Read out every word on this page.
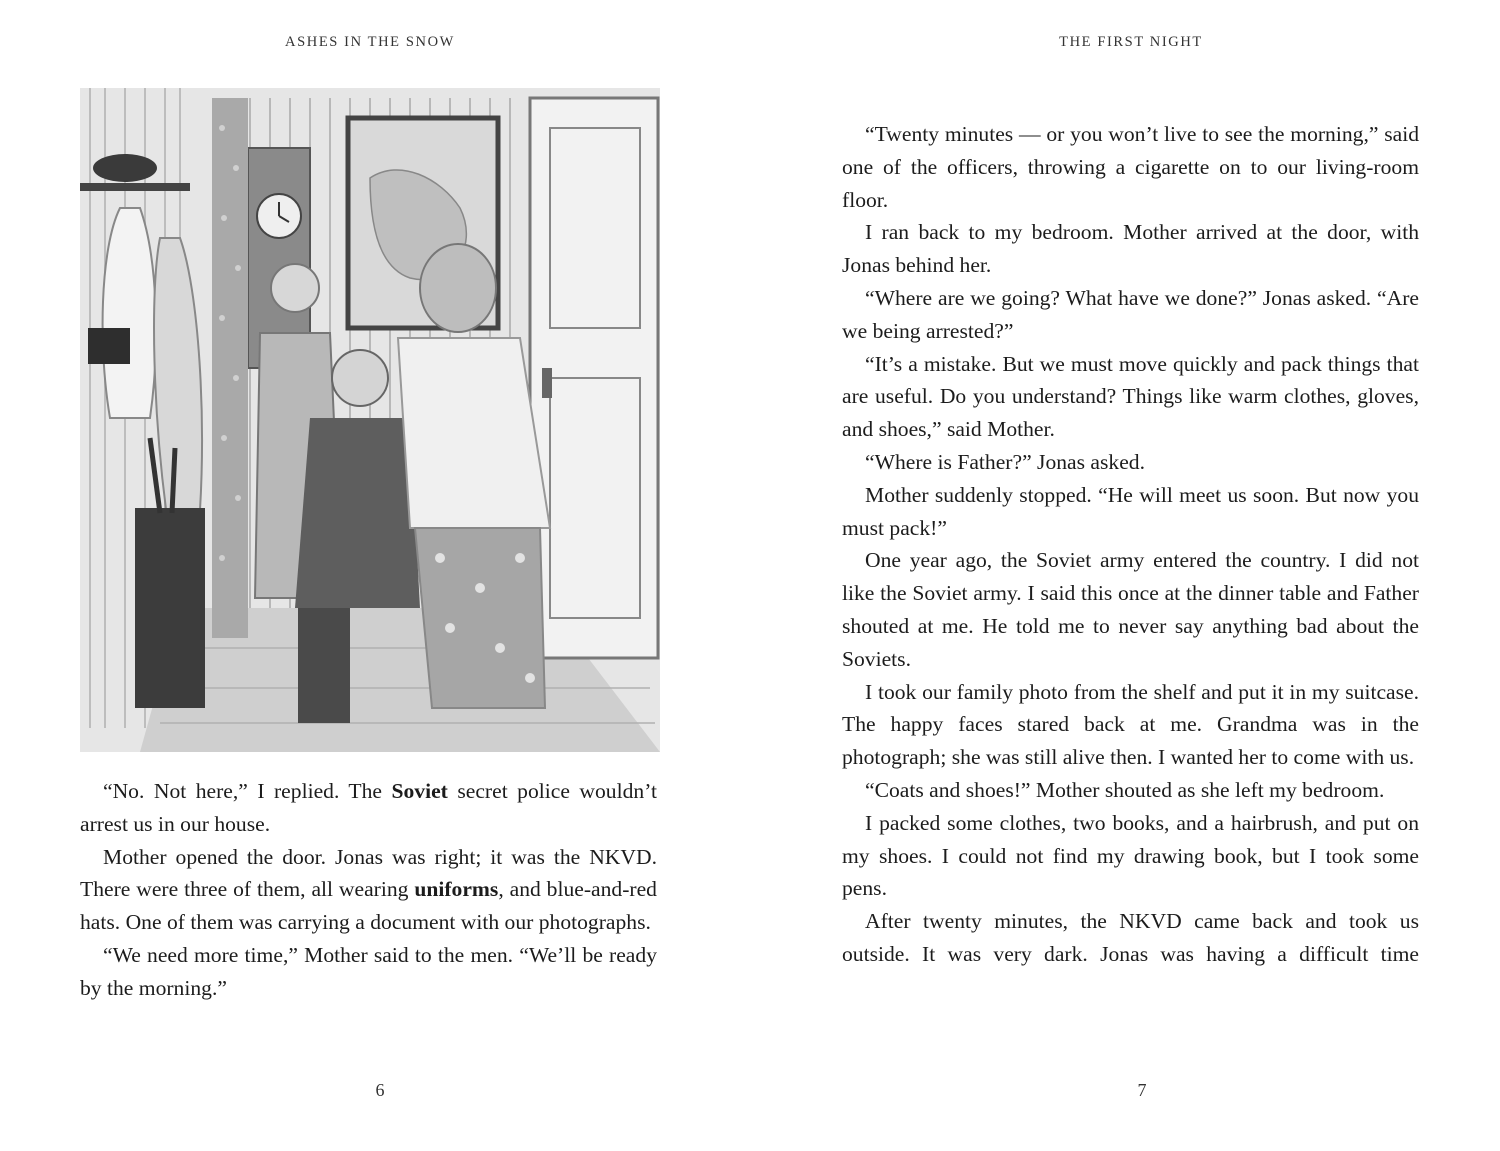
ASHES IN THE SNOW

“No. Not here,” I replied. The Soviet secret police wouldn’t arrest us in our house.

Mother opened the door. Jonas was right; it was the NKVD. There were three of them, all wearing uniforms, and blue-and-red hats. One of them was carrying a document with our photographs.

“We need more time,” Mother said to the men. “We’ll be ready by the morning.”

6
THE FIRST NIGHT

“Twenty minutes — or you won’t live to see the morning,” said one of the officers, throwing a cigarette on to our living-room floor.

I ran back to my bedroom. Mother arrived at the door, with Jonas behind her.

“Where are we going? What have we done?” Jonas asked. “Are we being arrested?”

“It’s a mistake. But we must move quickly and pack things that are useful. Do you understand? Things like warm clothes, gloves, and shoes,” said Mother.

“Where is Father?” Jonas asked.

Mother suddenly stopped. “He will meet us soon. But now you must pack!”

One year ago, the Soviet army entered the country. I did not like the Soviet army. I said this once at the dinner table and Father shouted at me. He told me to never say anything bad about the Soviets.

I took our family photo from the shelf and put it in my suitcase. The happy faces stared back at me. Grandma was in the photograph; she was still alive then. I wanted her to come with us.

“Coats and shoes!” Mother shouted as she left my bedroom.

I packed some clothes, two books, and a hairbrush, and put on my shoes. I could not find my drawing book, but I took some pens.

After twenty minutes, the NKVD came back and took us outside. It was very dark. Jonas was having a difficult time

7
